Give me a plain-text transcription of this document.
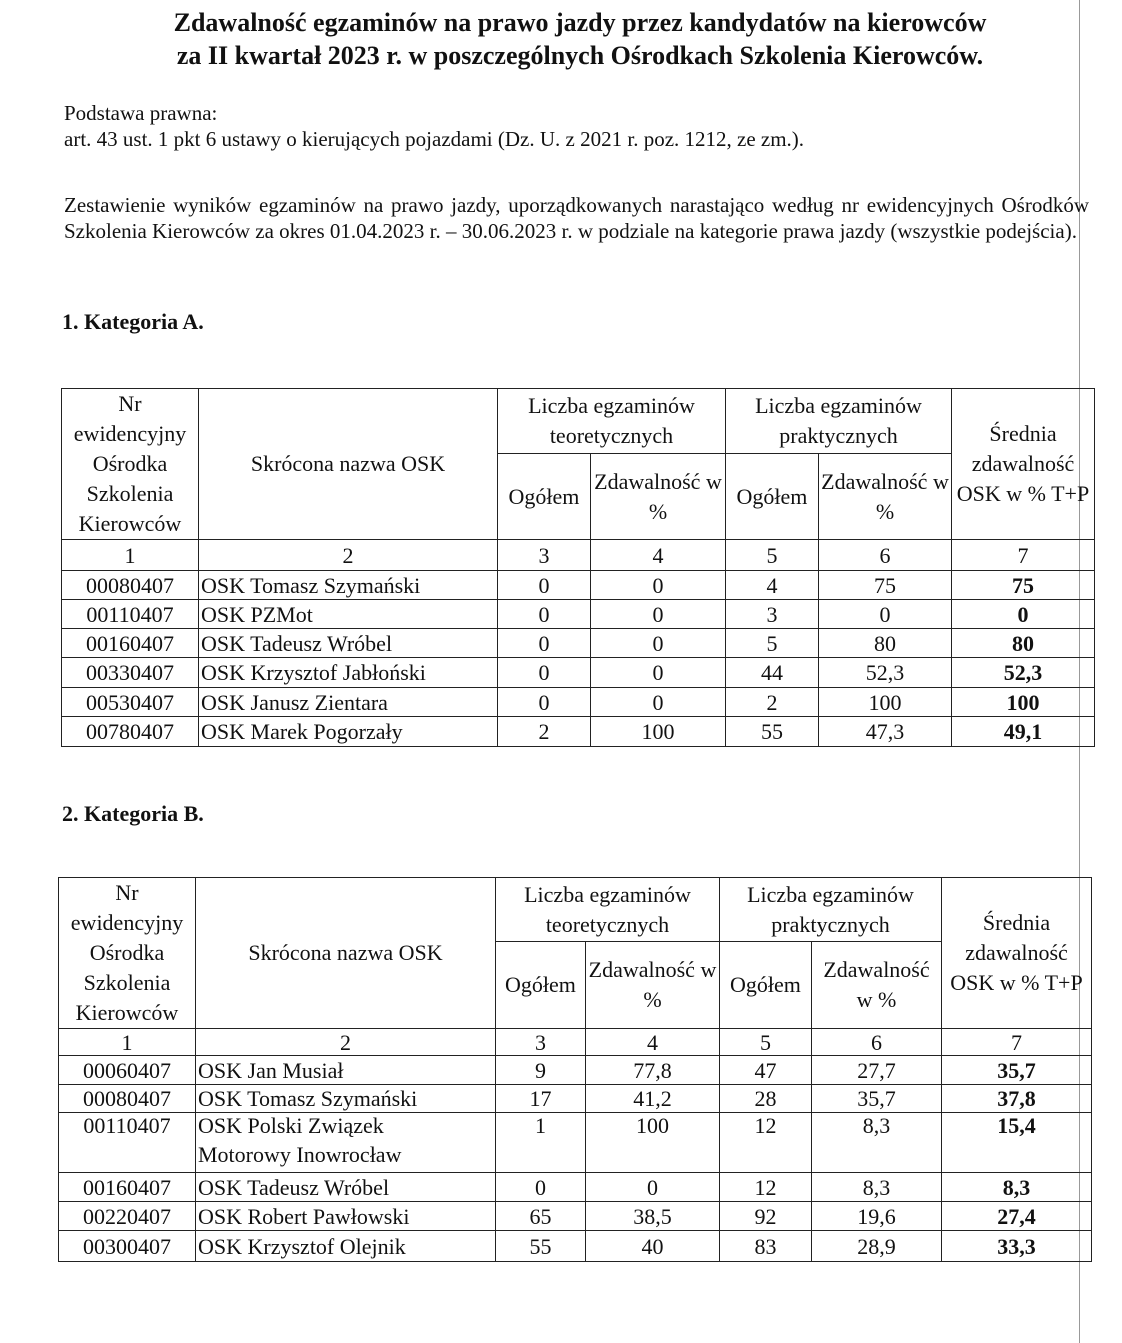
Zdawalność egzaminów na prawo jazdy przez kandydatów na kierowców
za II kwartał 2023 r. w poszczególnych Ośrodkach Szkolenia Kierowców.
Podstawa prawna:
art. 43 ust. 1 pkt 6 ustawy o kierujących pojazdami (Dz. U. z 2021 r. poz. 1212, ze zm.).
Zestawienie wyników egzaminów na prawo jazdy, uporządkowanych narastająco według nr ewidencyjnych Ośrodków Szkolenia Kierowców za okres 01.04.2023 r. – 30.06.2023 r. w podziale na kategorie prawa jazdy (wszystkie podejścia).
1. Kategoria A.
Nr ewidencyjny Ośrodka Szkolenia Kierowców	Skrócona nazwa OSK	Liczba egzaminów teoretycznych		Liczba egzaminów praktycznych		Średnia zdawalność OSK w % T+P
		Ogółem	Zdawalność w %	Ogółem	Zdawalność w %	
1	2	3	4	5	6	7
00080407	OSK Tomasz Szymański	0	0	4	75	75
00110407	OSK PZMot	0	0	3	0	0
00160407	OSK Tadeusz Wróbel	0	0	5	80	80
00330407	OSK Krzysztof Jabłoński	0	0	44	52,3	52,3
00530407	OSK Janusz Zientara	0	0	2	100	100
00780407	OSK Marek Pogorzały	2	100	55	47,3	49,1
2. Kategoria B.
Nr ewidencyjny Ośrodka Szkolenia Kierowców	Skrócona nazwa OSK	Liczba egzaminów teoretycznych		Liczba egzaminów praktycznych		Średnia zdawalność OSK w % T+P
		Ogółem	Zdawalność w %	Ogółem	Zdawalność w %	
1	2	3	4	5	6	7
00060407	OSK Jan Musiał	9	77,8	47	27,7	35,7
00080407	OSK Tomasz Szymański	17	41,2	28	35,7	37,8
00110407	OSK Polski Związek
Motorowy Inowrocław	1	100	12	8,3	15,4
00160407	OSK Tadeusz Wróbel	0	0	12	8,3	8,3
00220407	OSK Robert Pawłowski	65	38,5	92	19,6	27,4
00300407	OSK Krzysztof Olejnik	55	40	83	28,9	33,3
